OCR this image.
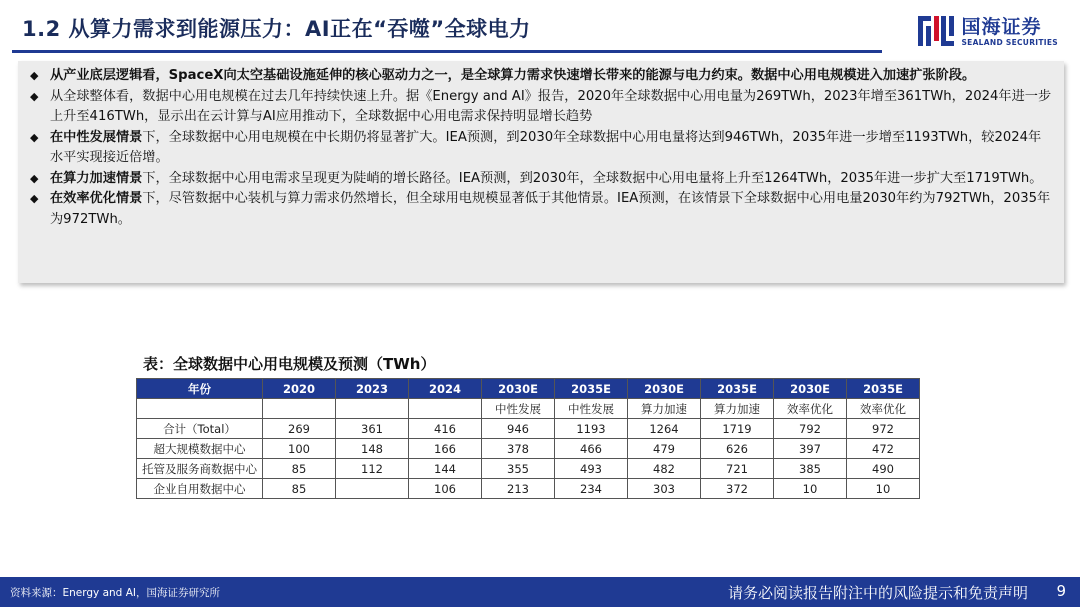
1.2 从算力需求到能源压力：AI正在“吞噬”全球电力	国海证券
SEALAND SECURITIES
◆ 从产业底层逻辑看，SpaceX向太空基础设施延伸的核心驱动力之一，是全球算力需求快速增长带来的能源与电力约束。数据中心用电规模进入加速扩张阶段。
◆ 从全球整体看，数据中心用电规模在过去几年持续快速上升。据《Energy and AI》报告，2020年全球数据中心用电量为269TWh，2023年增至361TWh，2024年进一步上升至416TWh，显示出在云计算与AI应用推动下，全球数据中心用电需求保持明显增长趋势
◆ 在中性发展情景下，全球数据中心用电规模在中长期仍将显著扩大。IEA预测，到2030年全球数据中心用电量将达到946TWh，2035年进一步增至1193TWh，较2024年水平实现接近倍增。
◆ 在算力加速情景下，全球数据中心用电需求呈现更为陡峭的增长路径。IEA预测，到2030年，全球数据中心用电量将上升至1264TWh，2035年进一步扩大至1719TWh。
◆ 在效率优化情景下，尽管数据中心装机与算力需求仍然增长，但全球用电规模显著低于其他情景。IEA预测，在该情景下全球数据中心用电量2030年约为792TWh，2035年为972TWh。
表：全球数据中心用电规模及预测（TWh）
年份	2020	2023	2024	2030E	2035E	2030E	2035E	2030E	2035E
				中性发展	中性发展	算力加速	算力加速	效率优化	效率优化
合计（Total）	269	361	416	946	1193	1264	1719	792	972
超大规模数据中心	100	148	166	378	466	479	626	397	472
托管及服务商数据中心	85	112	144	355	493	482	721	385	490
企业自用数据中心	85		106	213	234	303	372	10	10
资料来源：Energy and AI，国海证券研究所	请务必阅读报告附注中的风险提示和免责声明 9
